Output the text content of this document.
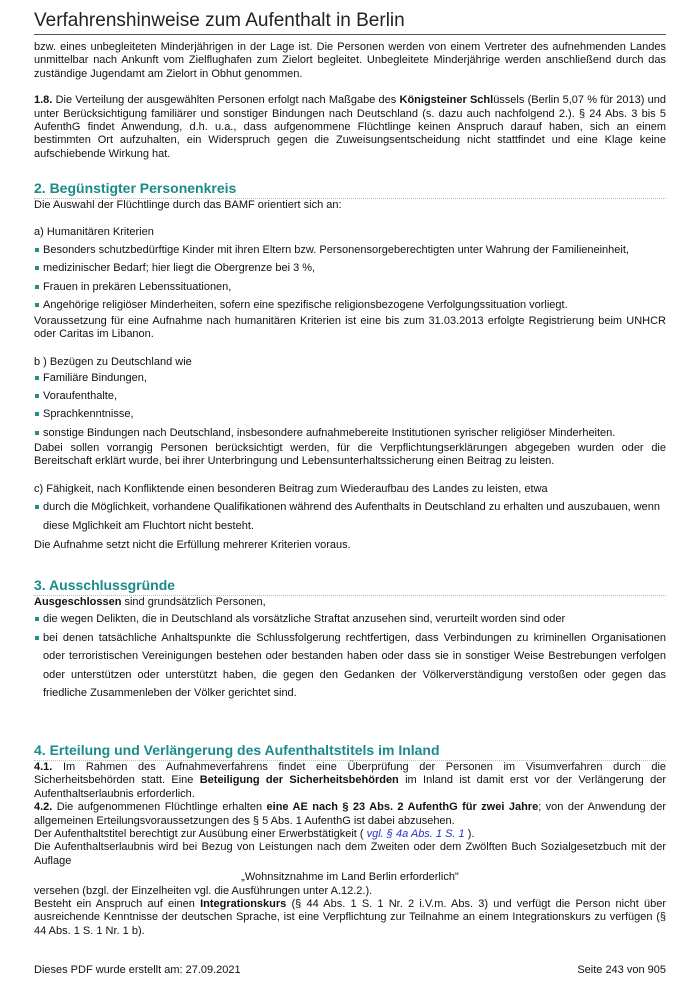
Verfahrenshinweise zum Aufenthalt in Berlin

bzw. eines unbegleiteten Minderjährigen in der Lage ist. Die Personen werden von einem Vertreter des aufnehmenden Landes unmittelbar nach Ankunft vom Zielflughafen zum Zielort begleitet. Unbegleitete Minderjährige werden anschließend durch das zuständige Jugendamt am Zielort in Obhut genommen.

1.8. Die Verteilung der ausgewählten Personen erfolgt nach Maßgabe des Königsteiner Schlüssels (Berlin 5,07 % für 2013) und unter Berücksichtigung familiärer und sonstiger Bindungen nach Deutschland (s. dazu auch nachfolgend 2.). § 24 Abs. 3 bis 5 AufenthG findet Anwendung, d.h. u.a., dass aufgenommene Flüchtlinge keinen Anspruch darauf haben, sich an einem bestimmten Ort aufzuhalten, ein Widerspruch gegen die Zuweisungsentscheidung nicht stattfindet und eine Klage keine aufschiebende Wirkung hat.

2. Begünstigter Personenkreis

Die Auswahl der Flüchtlinge durch das BAMF orientiert sich an:

a) Humanitären Kriterien

Besonders schutzbedürftige Kinder mit ihren Eltern bzw. Personensorgeberechtigten unter Wahrung der Familieneinheit,
medizinischer Bedarf; hier liegt die Obergrenze bei 3 %,
Frauen in prekären Lebenssituationen,
Angehörige religiöser Minderheiten, sofern eine spezifische religionsbezogene Verfolgungssituation vorliegt.

Voraussetzung für eine Aufnahme nach humanitären Kriterien ist eine bis zum 31.03.2013 erfolgte Registrierung beim UNHCR oder Caritas im Libanon.

b ) Bezügen zu Deutschland wie

Familiäre Bindungen,
Voraufenthalte,
Sprachkenntnisse,
sonstige Bindungen nach Deutschland, insbesondere aufnahmebereite Institutionen syrischer religiöser Minderheiten.

Dabei sollen vorrangig Personen berücksichtigt werden, für die Verpflichtungserklärungen abgegeben wurden oder die Bereitschaft erklärt wurde, bei ihrer Unterbringung und Lebensunterhaltssicherung einen Beitrag zu leisten.

c) Fähigkeit, nach Konfliktende einen besonderen Beitrag zum Wiederaufbau des Landes zu leisten, etwa

durch die Möglichkeit, vorhandene Qualifikationen während des Aufenthalts in Deutschland zu erhalten und auszubauen, wenn diese Mglichkeit am Fluchtort nicht besteht.

Die Aufnahme setzt nicht die Erfüllung mehrerer Kriterien voraus.

3. Ausschlussgründe

Ausgeschlossen sind grundsätzlich Personen,

die wegen Delikten, die in Deutschland als vorsätzliche Straftat anzusehen sind, verurteilt worden sind oder
bei denen tatsächliche Anhaltspunkte die Schlussfolgerung rechtfertigen, dass Verbindungen zu kriminellen Organisationen oder terroristischen Vereinigungen bestehen oder bestanden haben oder dass sie in sonstiger Weise Bestrebungen verfolgen oder unterstützen oder unterstützt haben, die gegen den Gedanken der Völkerverständigung verstoßen oder gegen das friedliche Zusammenleben der Völker gerichtet sind.
4. Erteilung und Verlängerung des Aufenthaltstitels im Inland

4.1. Im Rahmen des Aufnahmeverfahrens findet eine Überprüfung der Personen im Visumverfahren durch die Sicherheitsbehörden statt. Eine Beteiligung der Sicherheitsbehörden im Inland ist damit erst vor der Verlängerung der Aufenthaltserlaubnis erforderlich.

4.2. Die aufgenommenen Flüchtlinge erhalten eine AE nach § 23 Abs. 2 AufenthG für zwei Jahre; von der Anwendung der allgemeinen Erteilungsvoraussetzungen des § 5 Abs. 1 AufenthG ist dabei abzusehen.

Der Aufenthaltstitel berechtigt zur Ausübung einer Erwerbstätigkeit ( vgl. § 4a Abs. 1 S. 1 ).

Die Aufenthaltserlaubnis wird bei Bezug von Leistungen nach dem Zweiten oder dem Zwölften Buch Sozialgesetzbuch mit der Auflage

„Wohnsitznahme im Land Berlin erforderlich"

versehen (bzgl. der Einzelheiten vgl. die Ausführungen unter A.12.2.).

Besteht ein Anspruch auf einen Integrationskurs (§ 44 Abs. 1 S. 1 Nr. 2 i.V.m. Abs. 3) und verfügt die Person nicht über ausreichende Kenntnisse der deutschen Sprache, ist eine Verpflichtung zur Teilnahme an einem Integrationskurs zu verfügen (§ 44 Abs. 1 S. 1 Nr. 1 b).

Dieses PDF wurde erstellt am: 27.09.2021	Seite 243 von 905
